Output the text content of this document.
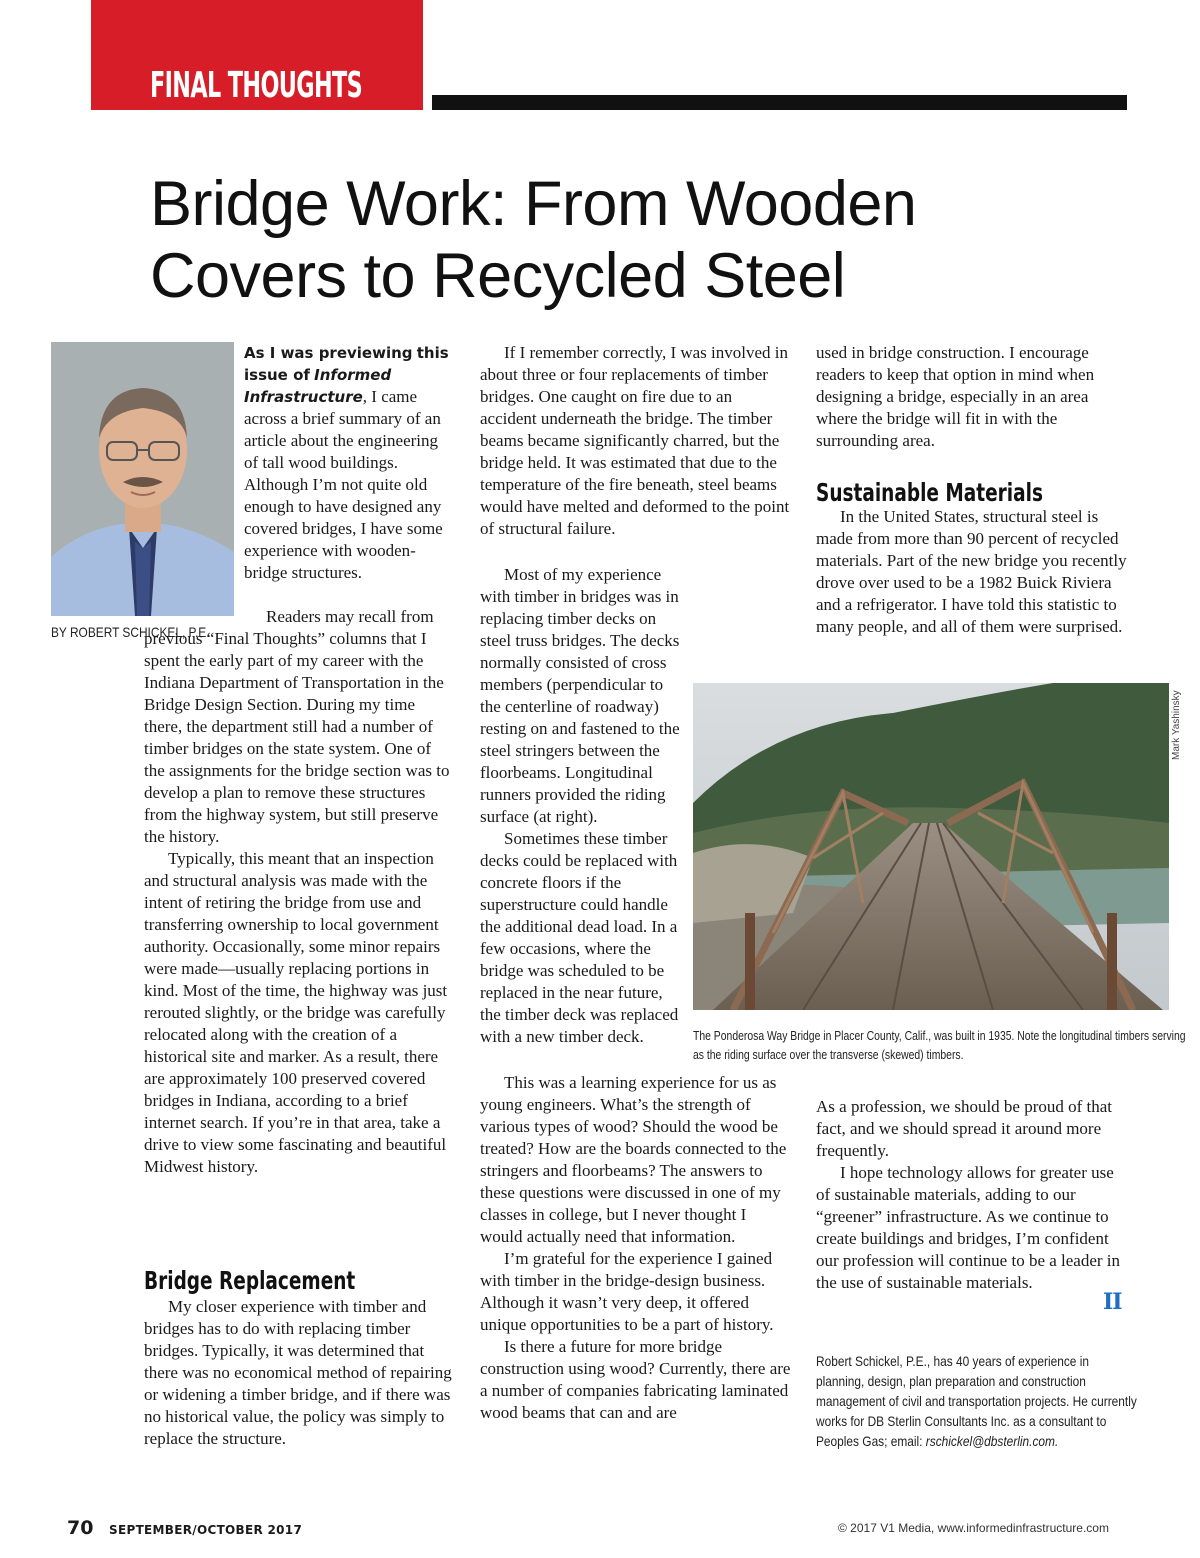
FINAL THOUGHTS
Bridge Work: From Wooden
Covers to Recycled Steel
BY ROBERT SCHICKEL, P.E.

As I was previewing this issue of Informed Infrastructure, I came across a brief summary of an article about the engineering of tall wood buildings. Although I’m not quite old enough to have designed any covered bridges, I have some experience with wooden-bridge structures.

Readers may recall from previous “Final Thoughts” columns that I spent the early part of my career with the Indiana Department of Transportation in the Bridge Design Section. During my time there, the department still had a number of timber bridges on the state system. One of the assignments for the bridge section was to develop a plan to remove these structures from the highway system, but still preserve the history.

Typically, this meant that an inspection and structural analysis was made with the intent of retiring the bridge from use and transferring ownership to local government authority. Occasionally, some minor repairs were made—usually replacing portions in kind. Most of the time, the highway was just rerouted slightly, or the bridge was carefully relocated along with the creation of a historical site and marker. As a result, there are approximately 100 preserved covered bridges in Indiana, according to a brief internet search. If you’re in that area, take a drive to view some fascinating and beautiful Midwest history.

Bridge Replacement

My closer experience with timber and bridges has to do with replacing timber bridges. Typically, it was determined that there was no economical method of repairing or widening a timber bridge, and if there was no historical value, the policy was simply to replace the structure.

If I remember correctly, I was involved in about three or four replacements of timber bridges. One caught on fire due to an accident underneath the bridge. The timber beams became significantly charred, but the bridge held. It was estimated that due to the temperature of the fire beneath, steel beams would have melted and deformed to the point of structural failure.

Most of my experience with timber in bridges was in replacing timber decks on steel truss bridges. The decks normally consisted of cross members (perpendicular to the centerline of roadway) resting on and fastened to the steel stringers between the floorbeams. Longitudinal runners provided the riding surface (at right).

Sometimes these timber decks could be replaced with concrete floors if the superstructure could handle the additional dead load. In a few occasions, where the bridge was scheduled to be replaced in the near future, the timber deck was replaced with a new timber deck.

This was a learning experience for us as young engineers. What’s the strength of various types of wood? Should the wood be treated? How are the boards connected to the stringers and floorbeams? The answers to these questions were discussed in one of my classes in college, but I never thought I would actually need that information.

I’m grateful for the experience I gained with timber in the bridge-design business. Although it wasn’t very deep, it offered unique opportunities to be a part of history.

Is there a future for more bridge construction using wood? Currently, there are a number of companies fabricating laminated wood beams that can and are

used in bridge construction. I encourage readers to keep that option in mind when designing a bridge, especially in an area where the bridge will fit in with the surrounding area.

Sustainable Materials

In the United States, structural steel is made from more than 90 percent of recycled materials. Part of the new bridge you recently drove over used to be a 1982 Buick Riviera and a refrigerator. I have told this statistic to many people, and all of them were surprised.

As a profession, we should be proud of that fact, and we should spread it around more frequently.

I hope technology allows for greater use of sustainable materials, adding to our “greener” infrastructure. As we continue to create buildings and bridges, I’m confident our profession will continue to be a leader in the use of sustainable materials.

II
Mark Yashinsky
The Ponderosa Way Bridge in Placer County, Calif., was built in 1935. Note the longitudinal timbers serving as the riding surface over the transverse (skewed) timbers.
Robert Schickel, P.E., has 40 years of experience in planning, design, plan preparation and construction management of civil and transportation projects. He currently works for DB Sterlin Consultants Inc. as a consultant to Peoples Gas; email: rschickel@dbsterlin.com.
70 SEPTEMBER/OCTOBER 2017	© 2017 V1 Media, www.informedinfrastructure.com
